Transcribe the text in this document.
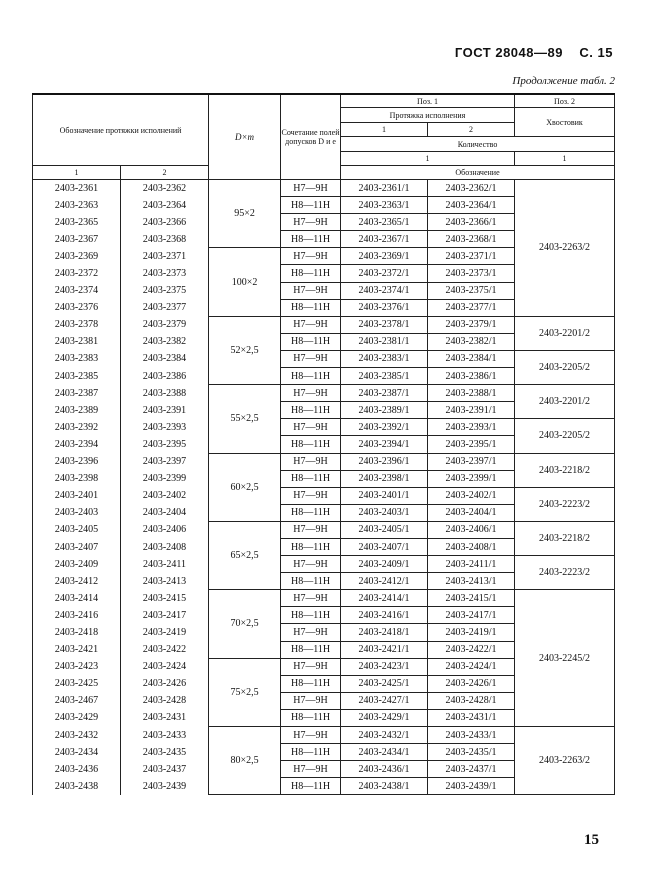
ГОСТ 28048—89 С. 15
Продолжение табл. 2
Обозначение протяжки исполнений		D×m	Сочетание полей допусков D и e	Поз. 1		Поз. 2
				Протяжка исполнения		Хвостовик
				1	2	
				Количество		
				1		1
1	2			Обозначение		
2403-2361	2403-2362	95×2	H7—9H	2403-2361/1	2403-2362/1	2403-2263/2
2403-2363	2403-2364		H8—11H	2403-2363/1	2403-2364/1	
2403-2365	2403-2366		H7—9H	2403-2365/1	2403-2366/1	
2403-2367	2403-2368		H8—11H	2403-2367/1	2403-2368/1	
2403-2369	2403-2371	100×2	H7—9H	2403-2369/1	2403-2371/1	
2403-2372	2403-2373		H8—11H	2403-2372/1	2403-2373/1	
2403-2374	2403-2375		H7—9H	2403-2374/1	2403-2375/1	
2403-2376	2403-2377		H8—11H	2403-2376/1	2403-2377/1	
2403-2378	2403-2379	52×2,5	H7—9H	2403-2378/1	2403-2379/1	2403-2201/2
2403-2381	2403-2382		H8—11H	2403-2381/1	2403-2382/1	
2403-2383	2403-2384		H7—9H	2403-2383/1	2403-2384/1	2403-2205/2
2403-2385	2403-2386		H8—11H	2403-2385/1	2403-2386/1	
2403-2387	2403-2388	55×2,5	H7—9H	2403-2387/1	2403-2388/1	2403-2201/2
2403-2389	2403-2391		H8—11H	2403-2389/1	2403-2391/1	
2403-2392	2403-2393		H7—9H	2403-2392/1	2403-2393/1	2403-2205/2
2403-2394	2403-2395		H8—11H	2403-2394/1	2403-2395/1	
2403-2396	2403-2397	60×2,5	H7—9H	2403-2396/1	2403-2397/1	2403-2218/2
2403-2398	2403-2399		H8—11H	2403-2398/1	2403-2399/1	
2403-2401	2403-2402		H7—9H	2403-2401/1	2403-2402/1	2403-2223/2
2403-2403	2403-2404		H8—11H	2403-2403/1	2403-2404/1	
2403-2405	2403-2406	65×2,5	H7—9H	2403-2405/1	2403-2406/1	2403-2218/2
2403-2407	2403-2408		H8—11H	2403-2407/1	2403-2408/1	
2403-2409	2403-2411		H7—9H	2403-2409/1	2403-2411/1	2403-2223/2
2403-2412	2403-2413		H8—11H	2403-2412/1	2403-2413/1	
2403-2414	2403-2415	70×2,5	H7—9H	2403-2414/1	2403-2415/1	2403-2245/2
2403-2416	2403-2417		H8—11H	2403-2416/1	2403-2417/1	
2403-2418	2403-2419		H7—9H	2403-2418/1	2403-2419/1	
2403-2421	2403-2422		H8—11H	2403-2421/1	2403-2422/1	
2403-2423	2403-2424	75×2,5	H7—9H	2403-2423/1	2403-2424/1	
2403-2425	2403-2426		H8—11H	2403-2425/1	2403-2426/1	
2403-2467	2403-2428		H7—9H	2403-2427/1	2403-2428/1	
2403-2429	2403-2431		H8—11H	2403-2429/1	2403-2431/1	
2403-2432	2403-2433	80×2,5	H7—9H	2403-2432/1	2403-2433/1	2403-2263/2
2403-2434	2403-2435		H8—11H	2403-2434/1	2403-2435/1	
2403-2436	2403-2437		H7—9H	2403-2436/1	2403-2437/1	
2403-2438	2403-2439		H8—11H	2403-2438/1	2403-2439/1	
15
